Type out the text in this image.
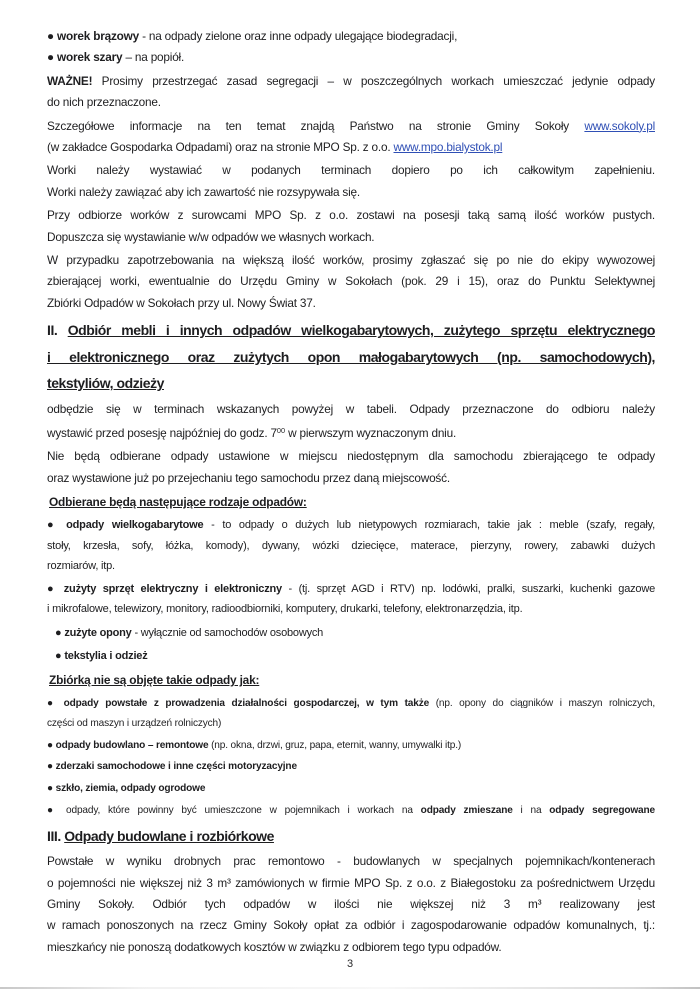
● worek brązowy - na odpady zielone oraz inne odpady ulegające biodegradacji,
● worek szary – na popiół.
WAŻNE! Prosimy przestrzegać zasad segregacji – w poszczególnych workach umieszczać jedynie odpady
do nich przeznaczone.
Szczegółowe informacje na ten temat znajdą Państwo na stronie Gminy Sokoły www.sokoly.pl
(w zakładce Gospodarka Odpadami) oraz na stronie MPO Sp. z o.o. www.mpo.bialystok.pl
Worki należy wystawiać w podanych terminach dopiero po ich całkowitym zapełnieniu.
Worki należy zawiązać aby ich zawartość nie rozsypywała się.
Przy odbiorze worków z surowcami MPO Sp. z o.o. zostawi na posesji taką samą ilość worków pustych.
Dopuszcza się wystawianie w/w odpadów we własnych workach.
W przypadku zapotrzebowania na większą ilość worków, prosimy zgłaszać się po nie do ekipy wywozowej
zbierającej worki, ewentualnie do Urzędu Gminy w Sokołach (pok. 29 i 15), oraz do Punktu Selektywnej
Zbiórki Odpadów w Sokołach przy ul. Nowy Świat 37.
II. Odbiór mebli i innych odpadów wielkogabarytowych, zużytego sprzętu elektrycznego
i elektronicznego oraz zużytych opon małogabarytowych (np. samochodowych),
tekstyliów, odzieży
odbędzie się w terminach wskazanych powyżej w tabeli. Odpady przeznaczone do odbioru należy
wystawić przed posesję najpóźniej do godz. $7^{00}$ w pierwszym wyznaczonym dniu.
Nie będą odbierane odpady ustawione w miejscu niedostępnym dla samochodu zbierającego te odpady
oraz wystawione już po przejechaniu tego samochodu przez daną miejscowość.
Odbierane będą następujące rodzaje odpadów:
● odpady wielkogabarytowe - to odpady o dużych lub nietypowych rozmiarach, takie jak : meble (szafy, regały,
stoły, krzesła, sofy, łóżka, komody), dywany, wózki dziecięce, materace, pierzyny, rowery, zabawki dużych
rozmiarów, itp.
● zużyty sprzęt elektryczny i elektroniczny - (tj. sprzęt AGD i RTV) np. lodówki, pralki, suszarki, kuchenki gazowe
i mikrofalowe, telewizory, monitory, radioodbiorniki, komputery, drukarki, telefony, elektronarzędzia, itp.
● zużyte opony - wyłącznie od samochodów osobowych
● tekstylia i odzież
Zbiórką nie są objęte takie odpady jak:
● odpady powstałe z prowadzenia działalności gospodarczej, w tym także (np. opony do ciągników i maszyn rolniczych,
części od maszyn i urządzeń rolniczych)
● odpady budowlano – remontowe (np. okna, drzwi, gruz, papa, eternit, wanny, umywalki itp.)
● zderzaki samochodowe i inne części motoryzacyjne
● szkło, ziemia, odpady ogrodowe
● odpady, które powinny być umieszczone w pojemnikach i workach na odpady zmieszane i na odpady segregowane
III. Odpady budowlane i rozbiórkowe
Powstałe w wyniku drobnych prac remontowo - budowlanych w specjalnych pojemnikach/kontenerach
o pojemności nie większej niż 3 m³ zamówionych w firmie MPO Sp. z o.o. z Białegostoku za pośrednictwem Urzędu
Gminy Sokoły. Odbiór tych odpadów w ilości nie większej niż 3 m³ realizowany jest
w ramach ponoszonych na rzecz Gminy Sokoły opłat za odbiór i zagospodarowanie odpadów komunalnych, tj.:
mieszkańcy nie ponoszą dodatkowych kosztów w związku z odbiorem tego typu odpadów.
3
